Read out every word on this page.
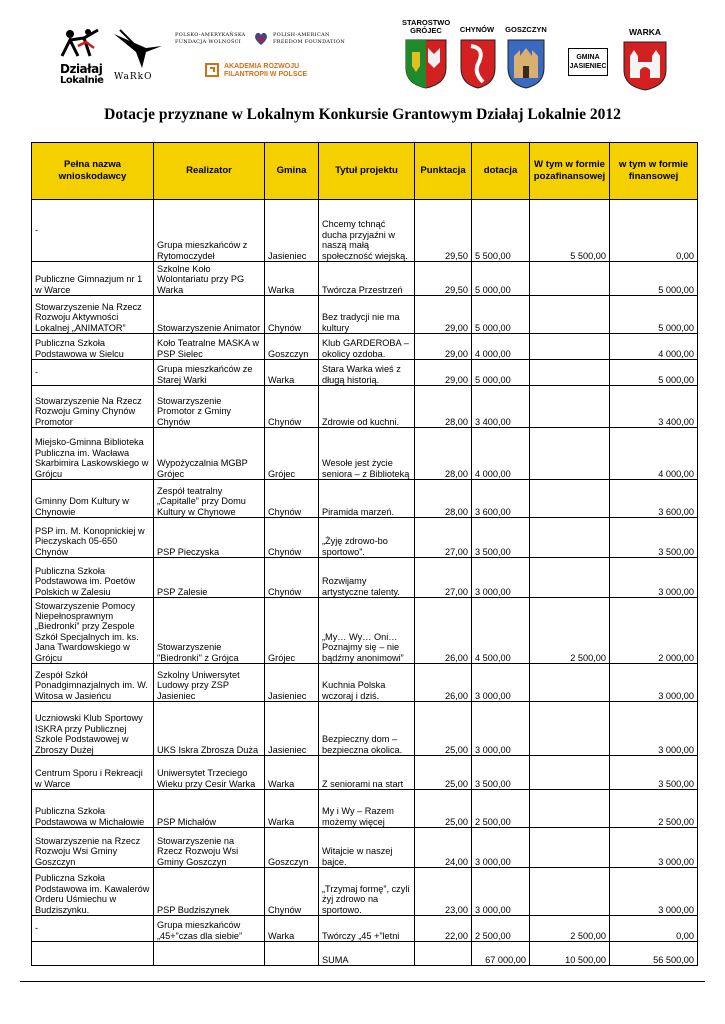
Działaj
Lokalnie WaRkO
POLSKO-AMERYKAŃSKA
FUNDACJA WOLNOŚCI
POLISH-AMERICAN
FREEDOM FOUNDATION
AKADEMIA ROZWOJU
FILANTROPII W POLSCE
STAROSTWO
GRÓJEC	CHYNÓW	GOSZCZYN
GMINA
JASIENIEC
WARKA
Dotacje przyznane w Lokalnym Konkursie Grantowym Działaj Lokalnie 2012
Pełna nazwa wnioskodawcy	Realizator	Gmina	Tytuł projektu	Punktacja	dotacja	W tym w formie pozafinansowej	w tym w formie finansowej
-	Grupa mieszkańców z Rytomoczydeł	Jasieniec	Chcemy tchnąć ducha przyjaźni w naszą małą społeczność wiejską.	29,50	5 500,00	5 500,00	0,00
Publiczne Gimnazjum nr 1 w Warce	Szkolne Koło Wolontariatu przy PG Warka	Warka	Twórcza Przestrzeń	29,50	5 000,00		5 000,00
Stowarzyszenie Na Rzecz Rozwoju Aktywności Lokalnej „ANIMATOR”	Stowarzyszenie Animator	Chynów	Bez tradycji nie ma kultury	29,00	5 000,00		5 000,00
Publiczna Szkoła Podstawowa w Sielcu	Koło Teatralne MASKA w PSP Sielec	Goszczyn	Klub GARDEROBA – okolicy ozdoba.	29,00	4 000,00		4 000,00
-	Grupa mieszkańców ze Starej Warki	Warka	Stara Warka wieś z długą historią.	29,00	5 000,00		5 000,00
Stowarzyszenie Na Rzecz Rozwoju Gminy Chynów Promotor	Stowarzyszenie Promotor z Gminy Chynów	Chynów	Zdrowie od kuchni.	28,00	3 400,00		3 400,00
Miejsko-Gminna Biblioteka Publiczna im. Wacława Skarbimira Laskowskiego w Grójcu	Wypożyczalnia MGBP Grójec	Grójec	Wesołe jest życie seniora – z Biblioteką	28,00	4 000,00		4 000,00
Gminny Dom Kultury w Chynowie	Zespół teatralny „Capitalle” przy Domu Kultury w Chynowe	Chynów	Piramida marzeń.	28,00	3 600,00		3 600,00
PSP im. M. Konopnickiej w Pieczyskach 05-650 Chynów	PSP Pieczyska	Chynów	„Żyję zdrowo-bo sportowo”.	27,00	3 500,00		3 500,00
Publiczna Szkoła Podstawowa im. Poetów Polskich w Zalesiu	PSP Zalesie	Chynów	Rozwijamy artystyczne talenty.	27,00	3 000,00		3 000,00
Stowarzyszenie Pomocy Niepełnosprawnym „Biedronki” przy Zespole Szkół Specjalnych im. ks. Jana Twardowskiego w Grójcu	Stowarzyszenie "Biedronki" z Grójca	Grójec	„My… Wy… Oni… Poznajmy się – nie bądźmy anonimowi”	26,00	4 500,00	2 500,00	2 000,00
Zespół Szkół Ponadgimnazjalnych im. W. Witosa w Jasieńcu	Szkolny Uniwersytet Ludowy przy ZSP Jasieniec	Jasieniec	Kuchnia Polska wczoraj i dziś.	26,00	3 000,00		3 000,00
Uczniowski Klub Sportowy ISKRA przy Publicznej Szkole Podstawowej w Zbroszy Dużej	UKS Iskra Zbrosza Duża	Jasieniec	Bezpieczny dom – bezpieczna okolica.	25,00	3 000,00		3 000,00
Centrum Sporu i Rekreacji w Warce	Uniwersytet Trzeciego Wieku przy Cesir Warka	Warka	Z seniorami na start	25,00	3 500,00		3 500,00
Publiczna Szkoła Podstawowa w Michałowie	PSP Michałów	Warka	My i Wy – Razem możemy więcej	25,00	2 500,00		2 500,00
Stowarzyszenie na Rzecz Rozwoju Wsi Gminy Goszczyn	Stowarzyszenie na Rzecz Rozwoju Wsi Gminy Goszczyn	Goszczyn	Witajcie w naszej bajce.	24,00	3 000,00		3 000,00
Publiczna Szkoła Podstawowa im. Kawalerów Orderu Uśmiechu w Budziszynku.	PSP Budziszynek	Chynów	„Trzymaj formę”, czyli żyj zdrowo na sportowo.	23,00	3 000,00		3 000,00
-	Grupa mieszkańców „45+”czas dla siebie”	Warka	Twórczy „45 +”letni	22,00	2 500,00	2 500,00	0,00
			SUMA		67 000,00	10 500,00	56 500,00
